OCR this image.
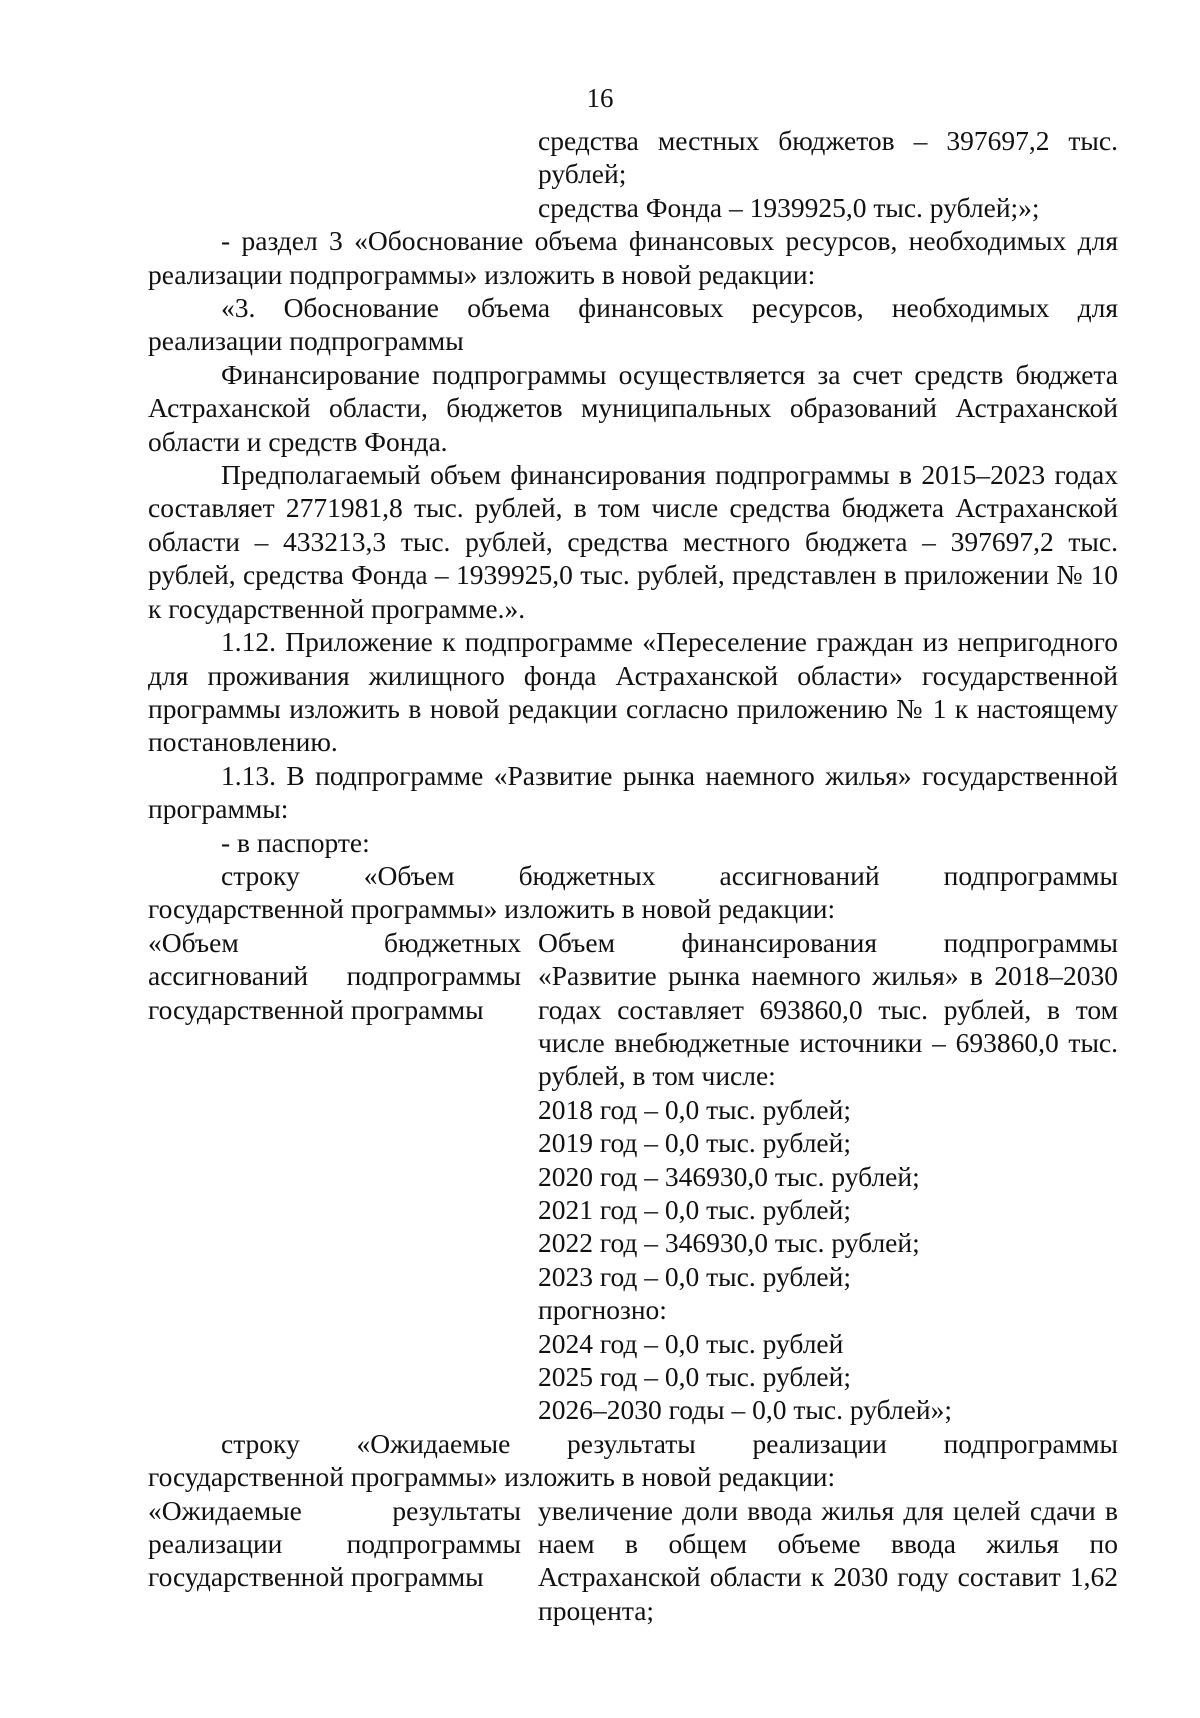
16

средства местных бюджетов – 397697,2 тыс.

рублей;

средства Фонда – 1939925,0 тыс. рублей;»;

- раздел 3 «Обоснование объема финансовых ресурсов, необходимых для реализации подпрограммы» изложить в новой редакции:

«3. Обоснование объема финансовых ресурсов, необходимых для реализации подпрограммы

Финансирование подпрограммы осуществляется за счет средств бюджета Астраханской области, бюджетов муниципальных образований Астраханской области и средств Фонда.

Предполагаемый объем финансирования подпрограммы в 2015–2023 годах составляет 2771981,8 тыс. рублей, в том числе средства бюджета Астраханской области – 433213,3 тыс. рублей, средства местного бюджета – 397697,2 тыс. рублей, средства Фонда – 1939925,0 тыс. рублей, представлен в приложении № 10 к государственной программе.».

1.12. Приложение к подпрограмме «Переселение граждан из непригодного для проживания жилищного фонда Астраханской области» государственной программы изложить в новой редакции согласно приложению № 1 к настоящему постановлению.

1.13. В подпрограмме «Развитие рынка наемного жилья» государственной программы:

- в паспорте:

строку «Объем бюджетных ассигнований подпрограммы

государственной программы» изложить в новой редакции:

«Объем бюджетных ассигнований подпрограммы государственной программы

Объем финансирования подпрограммы «Развитие рынка наемного жилья» в 2018–2030 годах составляет 693860,0 тыс. рублей, в том числе внебюджетные источники – 693860,0 тыс. рублей, в том числе:

2018 год – 0,0 тыс. рублей;

2019 год – 0,0 тыс. рублей;

2020 год – 346930,0 тыс. рублей;

2021 год – 0,0 тыс. рублей;

2022 год – 346930,0 тыс. рублей;

2023 год – 0,0 тыс. рублей;

прогнозно:

2024 год – 0,0 тыс. рублей

2025 год – 0,0 тыс. рублей;

2026–2030 годы – 0,0 тыс. рублей»;

строку «Ожидаемые результаты реализации подпрограммы государственной программы» изложить в новой редакции:

«Ожидаемые результаты реализации подпрограммы государственной программы
увеличение доли ввода жилья для целей сдачи в наем в общем объеме ввода жилья по Астраханской области к 2030 году составит 1,62 процента;
